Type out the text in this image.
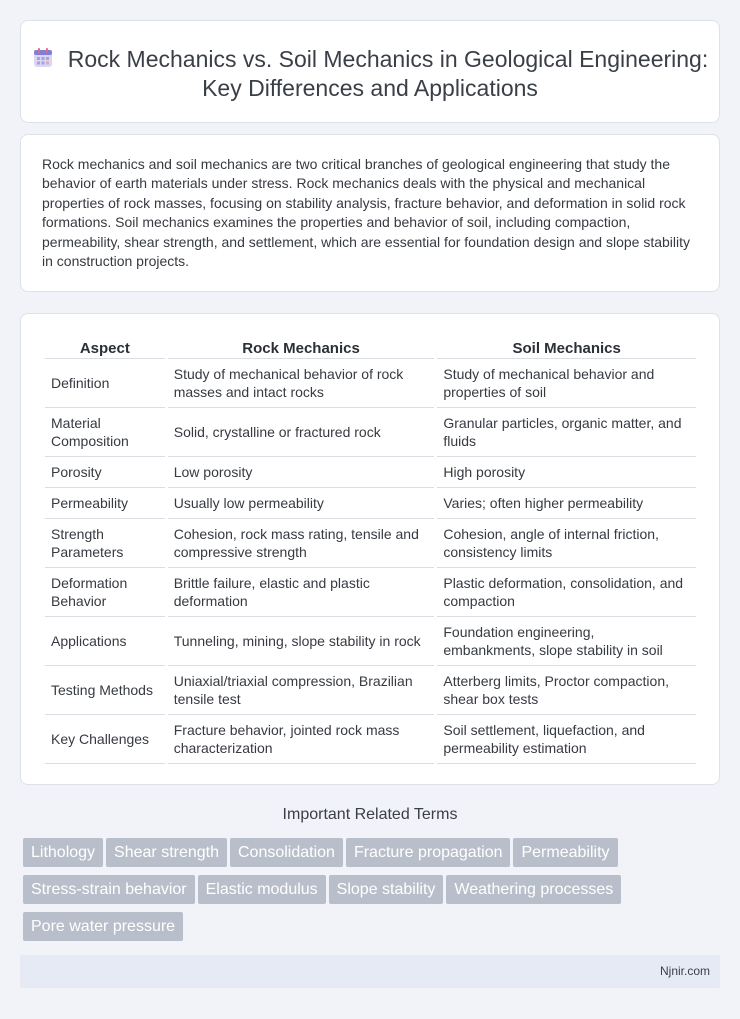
Rock Mechanics vs. Soil Mechanics in Geological Engineering: Key Differences and Applications

Rock mechanics and soil mechanics are two critical branches of geological engineering that study the behavior of earth materials under stress. Rock mechanics deals with the physical and mechanical properties of rock masses, focusing on stability analysis, fracture behavior, and deformation in solid rock formations. Soil mechanics examines the properties and behavior of soil, including compaction, permeability, shear strength, and settlement, which are essential for foundation design and slope stability in construction projects.

Aspect	Rock Mechanics	Soil Mechanics
Definition	Study of mechanical behavior of rock masses and intact rocks	Study of mechanical behavior and properties of soil
Material Composition	Solid, crystalline or fractured rock	Granular particles, organic matter, and fluids
Porosity	Low porosity	High porosity
Permeability	Usually low permeability	Varies; often higher permeability
Strength Parameters	Cohesion, rock mass rating, tensile and compressive strength	Cohesion, angle of internal friction, consistency limits
Deformation Behavior	Brittle failure, elastic and plastic deformation	Plastic deformation, consolidation, and compaction
Applications	Tunneling, mining, slope stability in rock	Foundation engineering, embankments, slope stability in soil
Testing Methods	Uniaxial/triaxial compression, Brazilian tensile test	Atterberg limits, Proctor compaction, shear box tests
Key Challenges	Fracture behavior, jointed rock mass characterization	Soil settlement, liquefaction, and permeability estimation
Important Related Terms
Lithology Shear strength Consolidation Fracture propagation Permeability
Stress-strain behavior Elastic modulus Slope stability Weathering processes
Pore water pressure
Njnir.com
